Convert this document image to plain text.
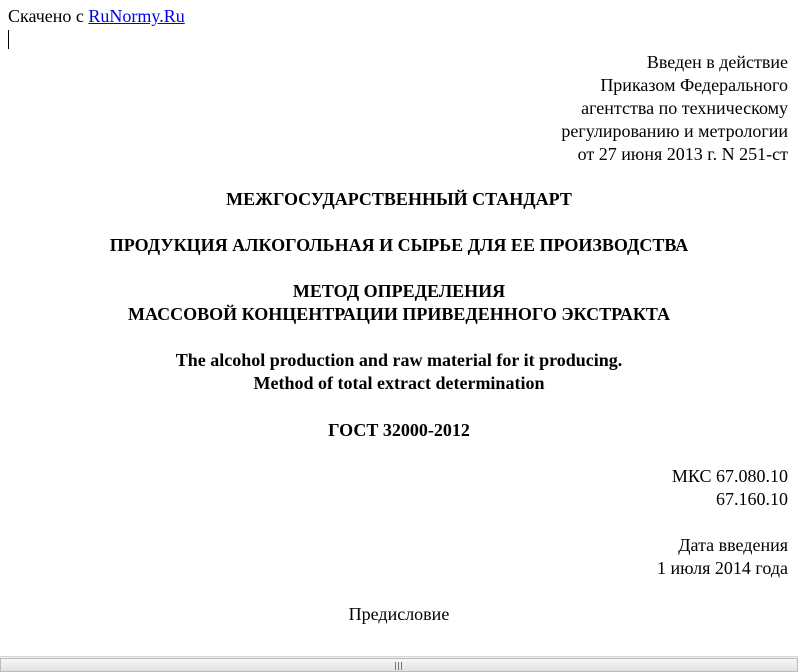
Скачено с RuNormy.Ru
Введен в действие
Приказом Федерального
агентства по техническому
регулированию и метрологии
от 27 июня 2013 г. N 251-ст
МЕЖГОСУДАРСТВЕННЫЙ СТАНДАРТ
ПРОДУКЦИЯ АЛКОГОЛЬНАЯ И СЫРЬЕ ДЛЯ ЕЕ ПРОИЗВОДСТВА
МЕТОД ОПРЕДЕЛЕНИЯ
МАССОВОЙ КОНЦЕНТРАЦИИ ПРИВЕДЕННОГО ЭКСТРАКТА
The alcohol production and raw material for it producing.
Method of total extract determination
ГОСТ 32000-2012
МКС 67.080.10
67.160.10
Дата введения
1 июля 2014 года
Предисловие
